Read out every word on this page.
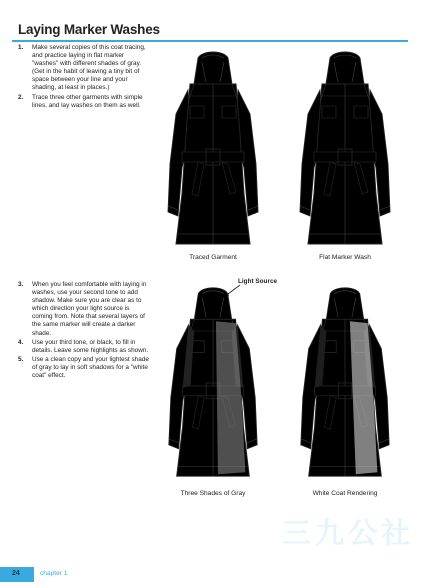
Laying Marker Washes
1. Make several copies of this coat tracing, and practice laying in flat marker "washes" with different shades of gray. (Get in the habit of leaving a tiny bit of space between your line and your shading, at least in places.)
2. Trace three other garments with simple lines, and lay washes on them as well.
3. When you feel comfortable with laying in washes, use your second tone to add shadow. Make sure you are clear as to which direction your light source is coming from. Note that several layers of the same marker will create a darker shade.
4. Use your third tone, or black, to fill in details. Leave some highlights as shown.
5. Use a clean copy and your lightest shade of gray to lay in soft shadows for a "white coat" effect.
Traced Garment	Flat Marker Wash
Light Source
Three Shades of Gray	White Coat Rendering
三九公社
24	chapter 1
